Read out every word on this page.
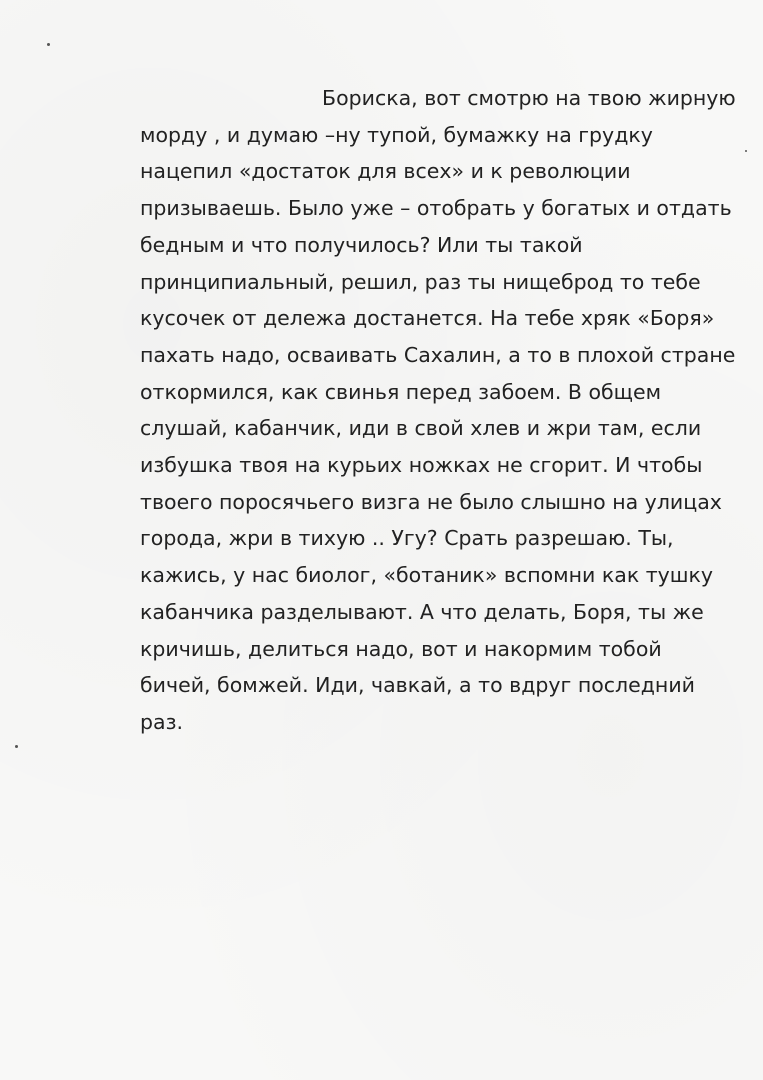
Бориска, вот смотрю на твою жирную
морду , и думаю –ну тупой, бумажку на грудку
нацепил «достаток для всех» и к революции
призываешь. Было уже – отобрать у богатых и отдать
бедным и что получилось? Или ты такой
принципиальный, решил, раз ты нищеброд то тебе
кусочек от дележа достанется. На тебе хряк «Боря»
пахать надо, осваивать Сахалин, а то в плохой стране
откормился, как свинья перед забоем. В общем
слушай, кабанчик, иди в свой хлев и жри там, если
избушка твоя на курьих ножках не сгорит. И чтобы
твоего поросячьего визга не было слышно на улицах
города, жри в тихую .. Угу? Срать разрешаю. Ты,
кажись, у нас биолог, «ботаник» вспомни как тушку
кабанчика разделывают. А что делать, Боря, ты же
кричишь, делиться надо, вот и накормим тобой
бичей, бомжей. Иди, чавкай, а то вдруг последний
раз.
